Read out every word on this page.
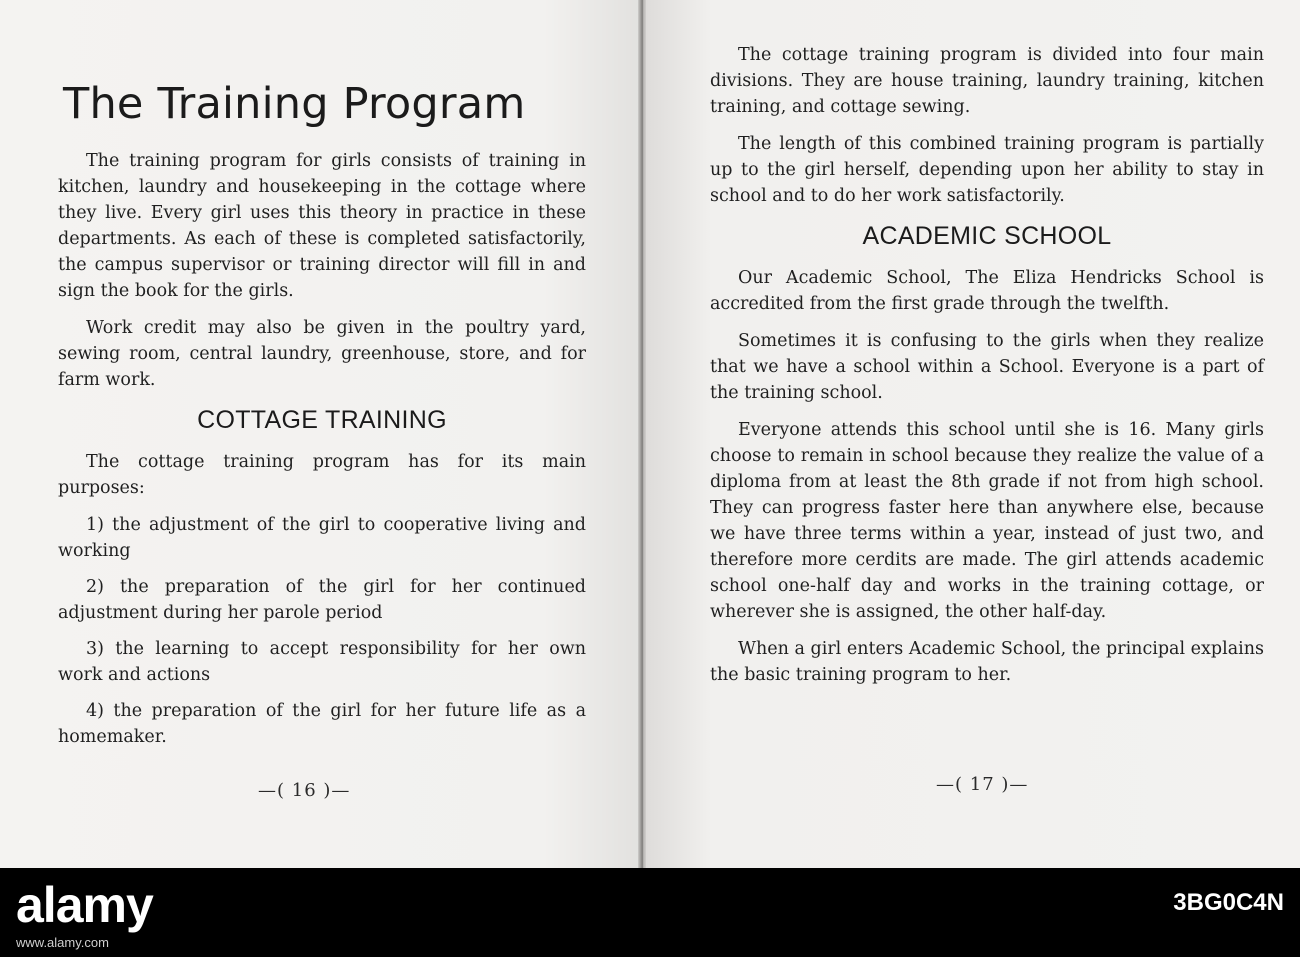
The Training Program

The training program for girls consists of training in kitchen, laundry and housekeeping in the cottage where they live. Every girl uses this theory in practice in these departments. As each of these is completed satisfactorily, the campus supervisor or training director will fill in and sign the book for the girls.

Work credit may also be given in the poultry yard, sewing room, central laundry, greenhouse, store, and for farm work.

COTTAGE TRAINING

The cottage training program has for its main purposes:

1) the adjustment of the girl to cooperative living and working

2) the preparation of the girl for her continued adjustment during her parole period

3) the learning to accept responsibility for her own work and actions

4) the preparation of the girl for her future life as a homemaker.

—( 16 )—

The cottage training program is divided into four main divisions. They are house training, laundry training, kitchen training, and cottage sewing.

The length of this combined training program is partially up to the girl herself, depending upon her ability to stay in school and to do her work satisfactorily.

ACADEMIC SCHOOL

Our Academic School, The Eliza Hendricks School is accredited from the first grade through the twelfth.

Sometimes it is confusing to the girls when they realize that we have a school within a School. Everyone is a part of the training school.

Everyone attends this school until she is 16. Many girls choose to remain in school because they realize the value of a diploma from at least the 8th grade if not from high school. They can progress faster here than anywhere else, because we have three terms within a year, instead of just two, and therefore more cerdits are made. The girl attends academic school one-half day and works in the training cottage, or wherever she is assigned, the other half-day.

When a girl enters Academic School, the principal explains the basic training program to her.

—( 17 )—
alamy	3BG0C4N
www.alamy.com
